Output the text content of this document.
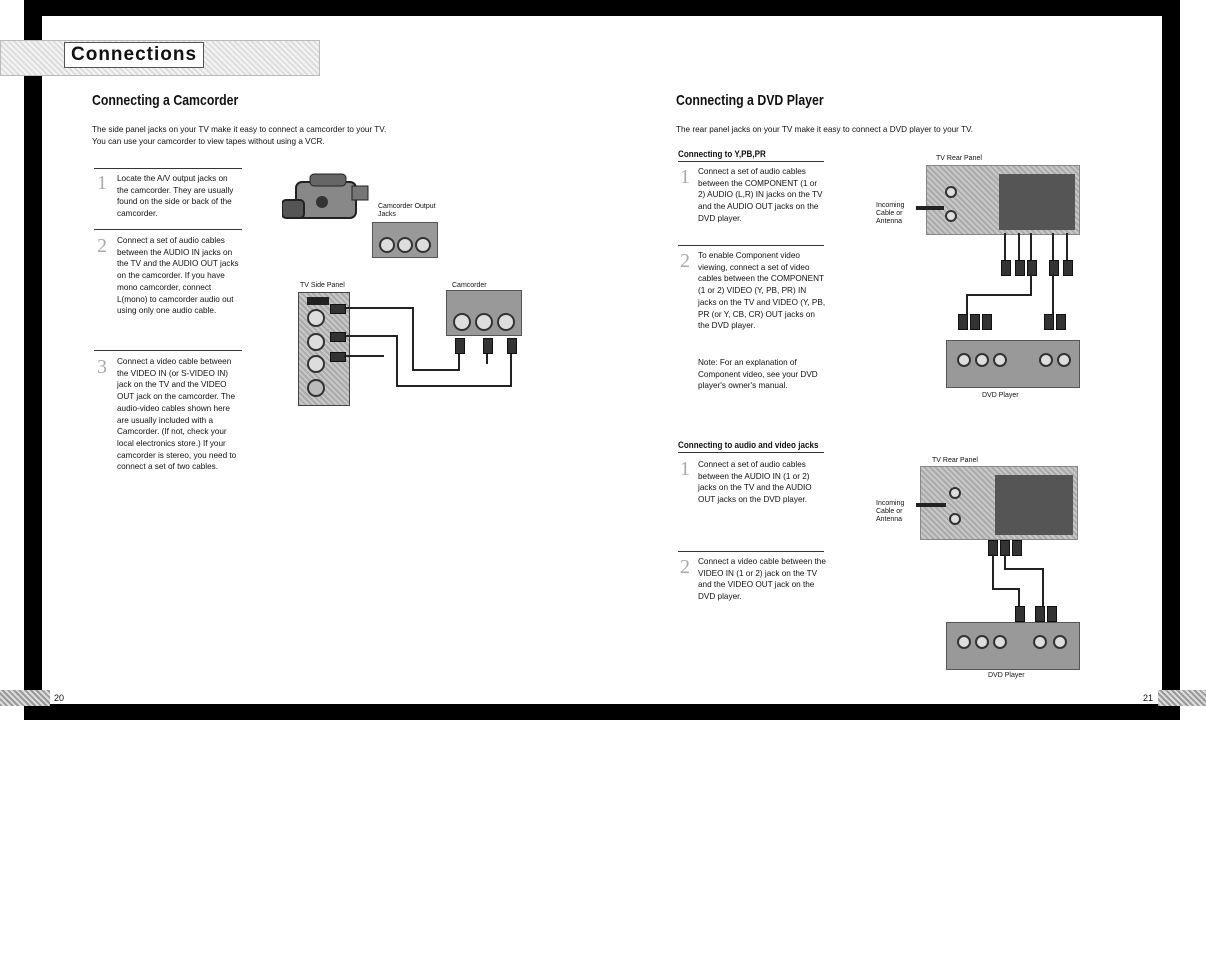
Connections
20	21
Connecting a Camcorder
The side panel jacks on your TV make it easy to connect a camcorder to your TV.
You can use your camcorder to view tapes without using a VCR.
1 Locate the A/V output jacks on the camcorder. They are usually found on the side or back of the camcorder.
2 Connect a set of audio cables between the AUDIO IN jacks on the TV and the AUDIO OUT jacks on the camcorder. If you have mono camcorder, connect L(mono) to camcorder audio out using only one audio cable.
3 Connect a video cable between the VIDEO IN (or S-VIDEO IN) jack on the TV and the VIDEO OUT jack on the camcorder. The audio-video cables shown here are usually included with a Camcorder. (If not, check your local electronics store.) If your camcorder is stereo, you need to connect a set of two cables.
Camcorder Output Jacks
TV Side Panel	Camcorder
Connecting a DVD Player
The rear panel jacks on your TV make it easy to connect a DVD player to your TV.
Connecting to Y,PB,PR
1 Connect a set of audio cables between the COMPONENT (1 or 2) AUDIO (L,R) IN jacks on the TV and the AUDIO OUT jacks on the DVD player.
2 To enable Component video viewing, connect a set of video cables between the COMPONENT (1 or 2) VIDEO (Y, PB, PR) IN jacks on the TV and VIDEO (Y, PB, PR (or Y, CB, CR) OUT jacks on the DVD player.
Note: For an explanation of Component video, see your DVD player's owner's manual.
Connecting to audio and video jacks
1 Connect a set of audio cables between the AUDIO IN (1 or 2) jacks on the TV and the AUDIO OUT jacks on the DVD player.
2 Connect a video cable between the VIDEO IN (1 or 2) jack on the TV and the VIDEO OUT jack on the DVD player.
TV Rear Panel
Incoming Cable or Antenna
DVD Player
TV Rear Panel
Incoming Cable or Antenna
DVD Player
